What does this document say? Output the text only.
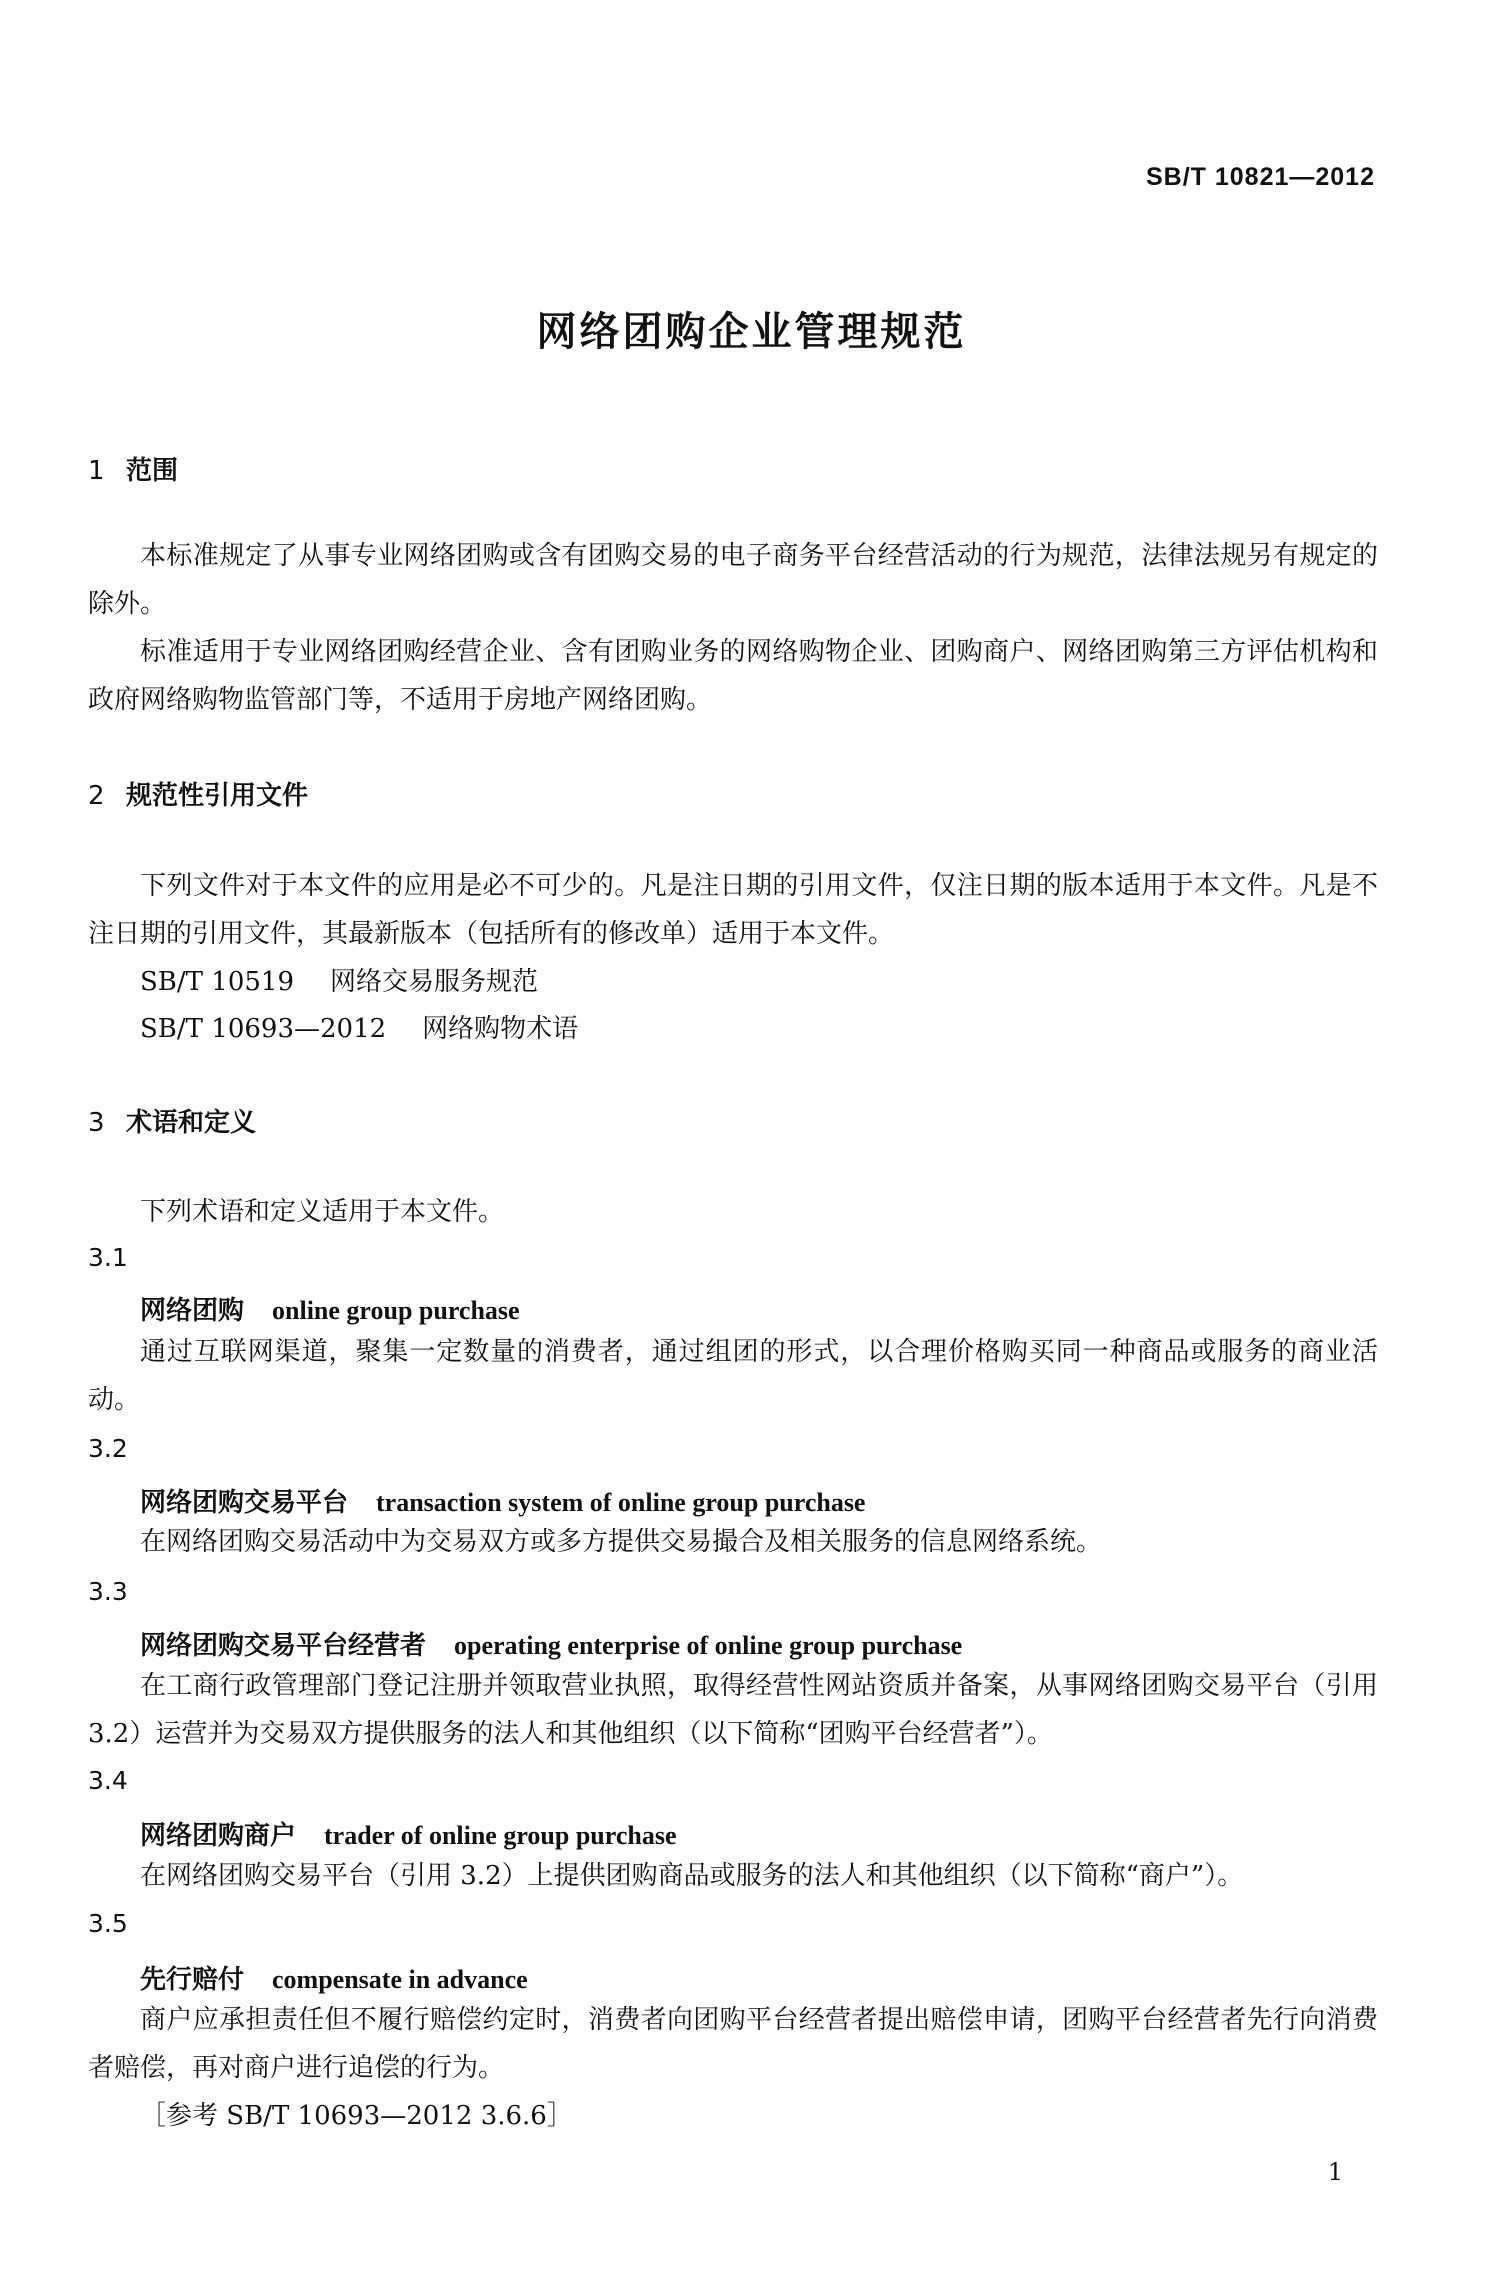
SB/T 10821—2012
网络团购企业管理规范
1 范围
本标准规定了从事专业网络团购或含有团购交易的电子商务平台经营活动的行为规范，法律法规另有规定的除外。
标准适用于专业网络团购经营企业、含有团购业务的网络购物企业、团购商户、网络团购第三方评估机构和政府网络购物监管部门等，不适用于房地产网络团购。
2 规范性引用文件
下列文件对于本文件的应用是必不可少的。凡是注日期的引用文件，仅注日期的版本适用于本文件。凡是不注日期的引用文件，其最新版本（包括所有的修改单）适用于本文件。
SB/T 10519 网络交易服务规范
SB/T 10693—2012 网络购物术语
3 术语和定义
下列术语和定义适用于本文件。
3.1
网络团购 online group purchase
通过互联网渠道，聚集一定数量的消费者，通过组团的形式，以合理价格购买同一种商品或服务的商业活动。
3.2
网络团购交易平台 transaction system of online group purchase
在网络团购交易活动中为交易双方或多方提供交易撮合及相关服务的信息网络系统。
3.3
网络团购交易平台经营者 operating enterprise of online group purchase
在工商行政管理部门登记注册并领取营业执照，取得经营性网站资质并备案，从事网络团购交易平台（引用 3.2）运营并为交易双方提供服务的法人和其他组织（以下简称“团购平台经营者”）。
3.4
网络团购商户 trader of online group purchase
在网络团购交易平台（引用 3.2）上提供团购商品或服务的法人和其他组织（以下简称“商户”）。
3.5
先行赔付 compensate in advance
商户应承担责任但不履行赔偿约定时，消费者向团购平台经营者提出赔偿申请，团购平台经营者先行向消费者赔偿，再对商户进行追偿的行为。
［参考 SB/T 10693—2012 3.6.6］
1
